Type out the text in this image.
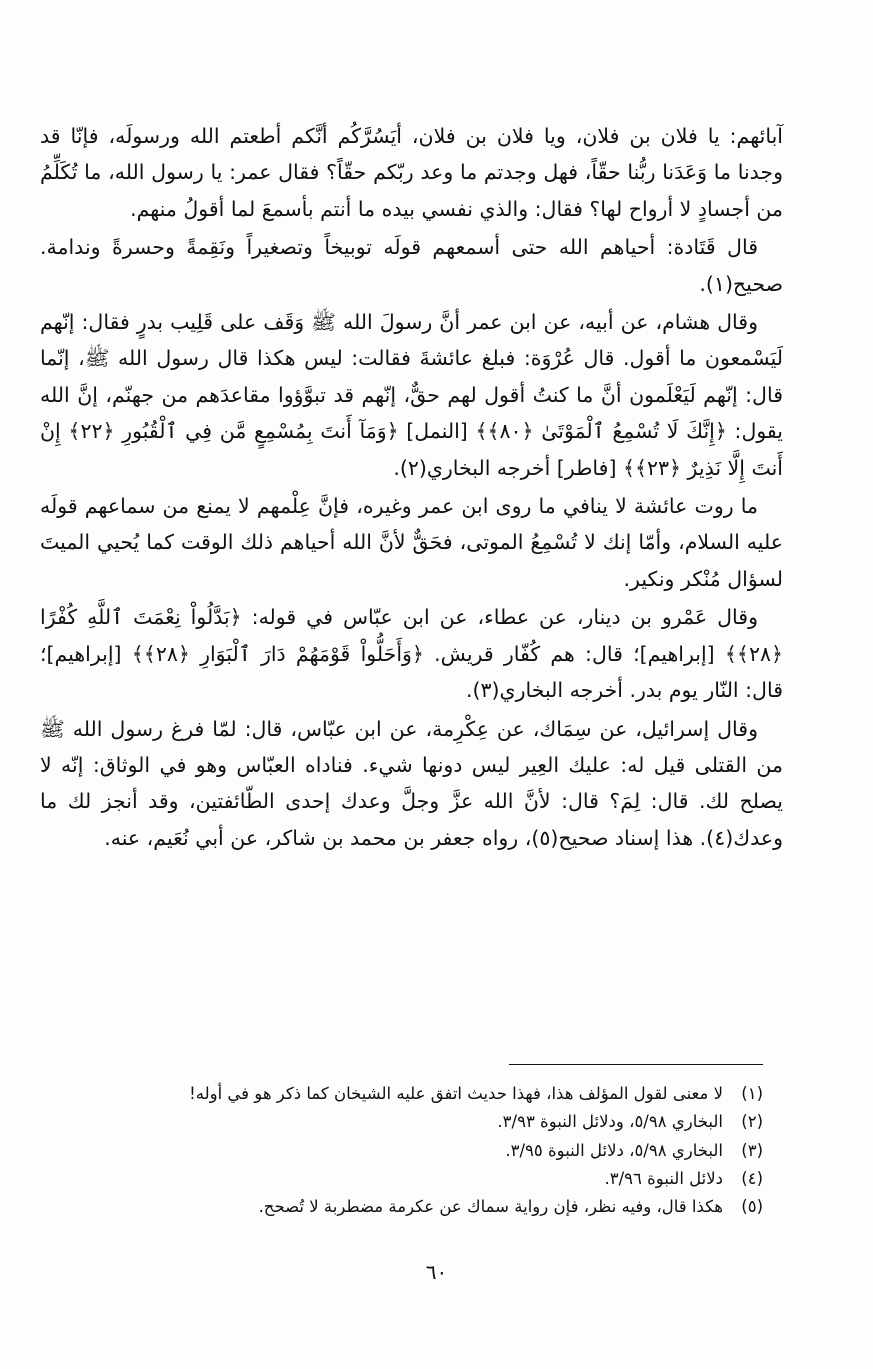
آبائهم: يا فلان بن فلان، ويا فلان بن فلان، أيَسُرَّكُم أنَّكم أطعتم الله ورسولَه، فإنّا قد وجدنا ما وَعَدَنا ربُّنا حقّاً، فهل وجدتم ما وعد ربّكم حقّاً؟ فقال عمر: يا رسول الله، ما تُكَلِّمُ من أجسادٍ لا أرواح لها؟ فقال: والذي نفسي بيده ما أنتم بأسمعَ لما أقولُ منهم.

قال قَتَادة: أحياهم الله حتى أسمعهم قولَه توبيخاً وتصغيراً ونَقِمةً وحسرةً وندامة. صحيح(١).

وقال هشام، عن أبيه، عن ابن عمر أنَّ رسولَ الله ﷺ وَقَف على قَلِيب بدرٍ فقال: إنّهم لَيَسْمعون ما أقول. قال عُرْوَة: فبلغ عائشةَ فقالت: ليس هكذا قال رسول الله ﷺ، إنّما قال: إنّهم لَيَعْلَمون أنَّ ما كنتُ أقول لهم حقٌّ، إنّهم قد تبوَّؤوا مقاعدَهم من جهنّم، إنَّ الله يقول: ﴿إِنَّكَ لَا تُسْمِعُ ٱلْمَوْتَىٰ ﴿٨٠﴾﴾ [النمل] ﴿وَمَآ أَنتَ بِمُسْمِعٍ مَّن فِي ٱلْقُبُورِ ﴿٢٢﴾ إِنْ أَنتَ إِلَّا نَذِيرٌ ﴿٢٣﴾﴾ [فاطر] أخرجه البخاري(٢).

ما روت عائشة لا ينافي ما روى ابن عمر وغيره، فإنَّ عِلْمهم لا يمنع من سماعهم قولَه عليه السلام، وأمّا إنك لا تُسْمِعُ الموتى، فحَقٌّ لأنَّ الله أحياهم ذلك الوقت كما يُحيي الميتَ لسؤال مُنْكر ونكير.

وقال عَمْرو بن دينار، عن عطاء، عن ابن عبّاس في قوله: ﴿بَدَّلُواْ نِعْمَتَ ٱللَّهِ كُفْرًا ﴿٢٨﴾﴾ [إبراهيم]؛ قال: هم كُفّار قريش. ﴿وَأَحَلُّواْ قَوْمَهُمْ دَارَ ٱلْبَوَارِ ﴿٢٨﴾﴾ [إبراهيم]؛ قال: النّار يوم بدر. أخرجه البخاري(٣).

وقال إسرائيل، عن سِمَاك، عن عِكْرِمة، عن ابن عبّاس، قال: لمّا فرغ رسول الله ﷺ من القتلى قيل له: عليك العِير ليس دونها شيء. فناداه العبّاس وهو في الوثاق: إنّه لا يصلح لك. قال: لِمَ؟ قال: لأنَّ الله عزَّ وجلَّ وعدك إحدى الطّائفتين، وقد أنجز لك ما وعدك(٤). هذا إسناد صحيح(٥)، رواه جعفر بن محمد بن شاكر، عن أبي نُعَيم، عنه.

(١)
لا معنى لقول المؤلف هذا، فهذا حديث اتفق عليه الشيخان كما ذكر هو في أوله!
(٢)
البخاري ٥/٩٨، ودلائل النبوة ٣/٩٣.
(٣)
البخاري ٥/٩٨، دلائل النبوة ٣/٩٥.
(٤)
دلائل النبوة ٣/٩٦.
(٥)
هكذا قال، وفيه نظر، فإن رواية سماك عن عكرمة مضطربة لا تُصحح.
٦٠
